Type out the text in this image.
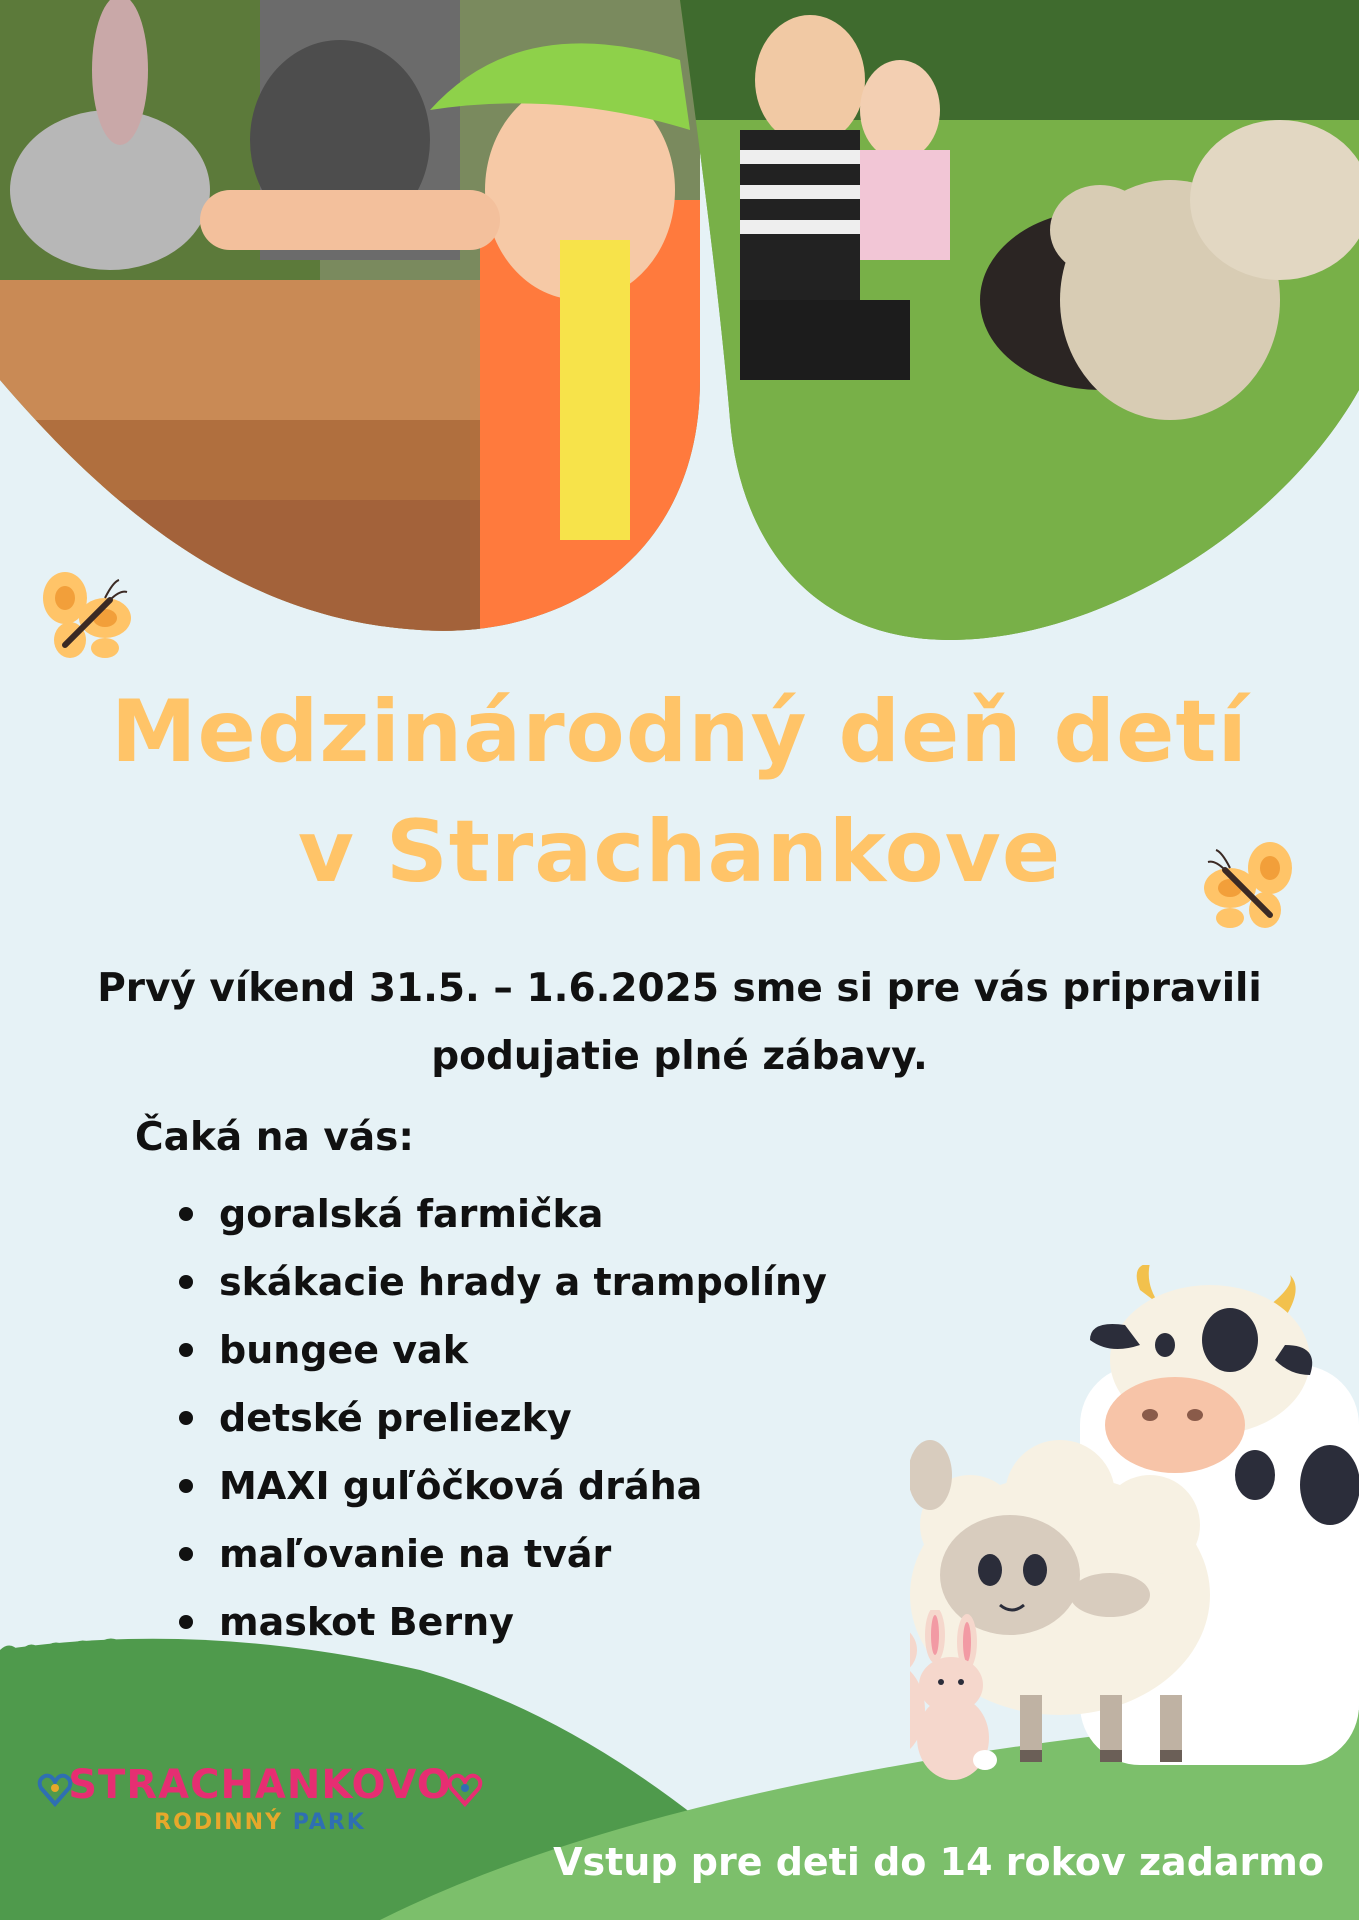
Medzinárodný deň detí
v Strachankove

Prvý víkend 31.5. – 1.6.2025 sme si pre vás pripravili
podujatie plné zábavy.

Čaká na vás:
goralská farmička
skákacie hrady a trampolíny
bungee vak
detské preliezky
MAXI guľôčková dráha
maľovanie na tvár
maskot Berny
STRACHANKOVO
RODINNÝ PARK
Vstup pre deti do 14 rokov zadarmo
